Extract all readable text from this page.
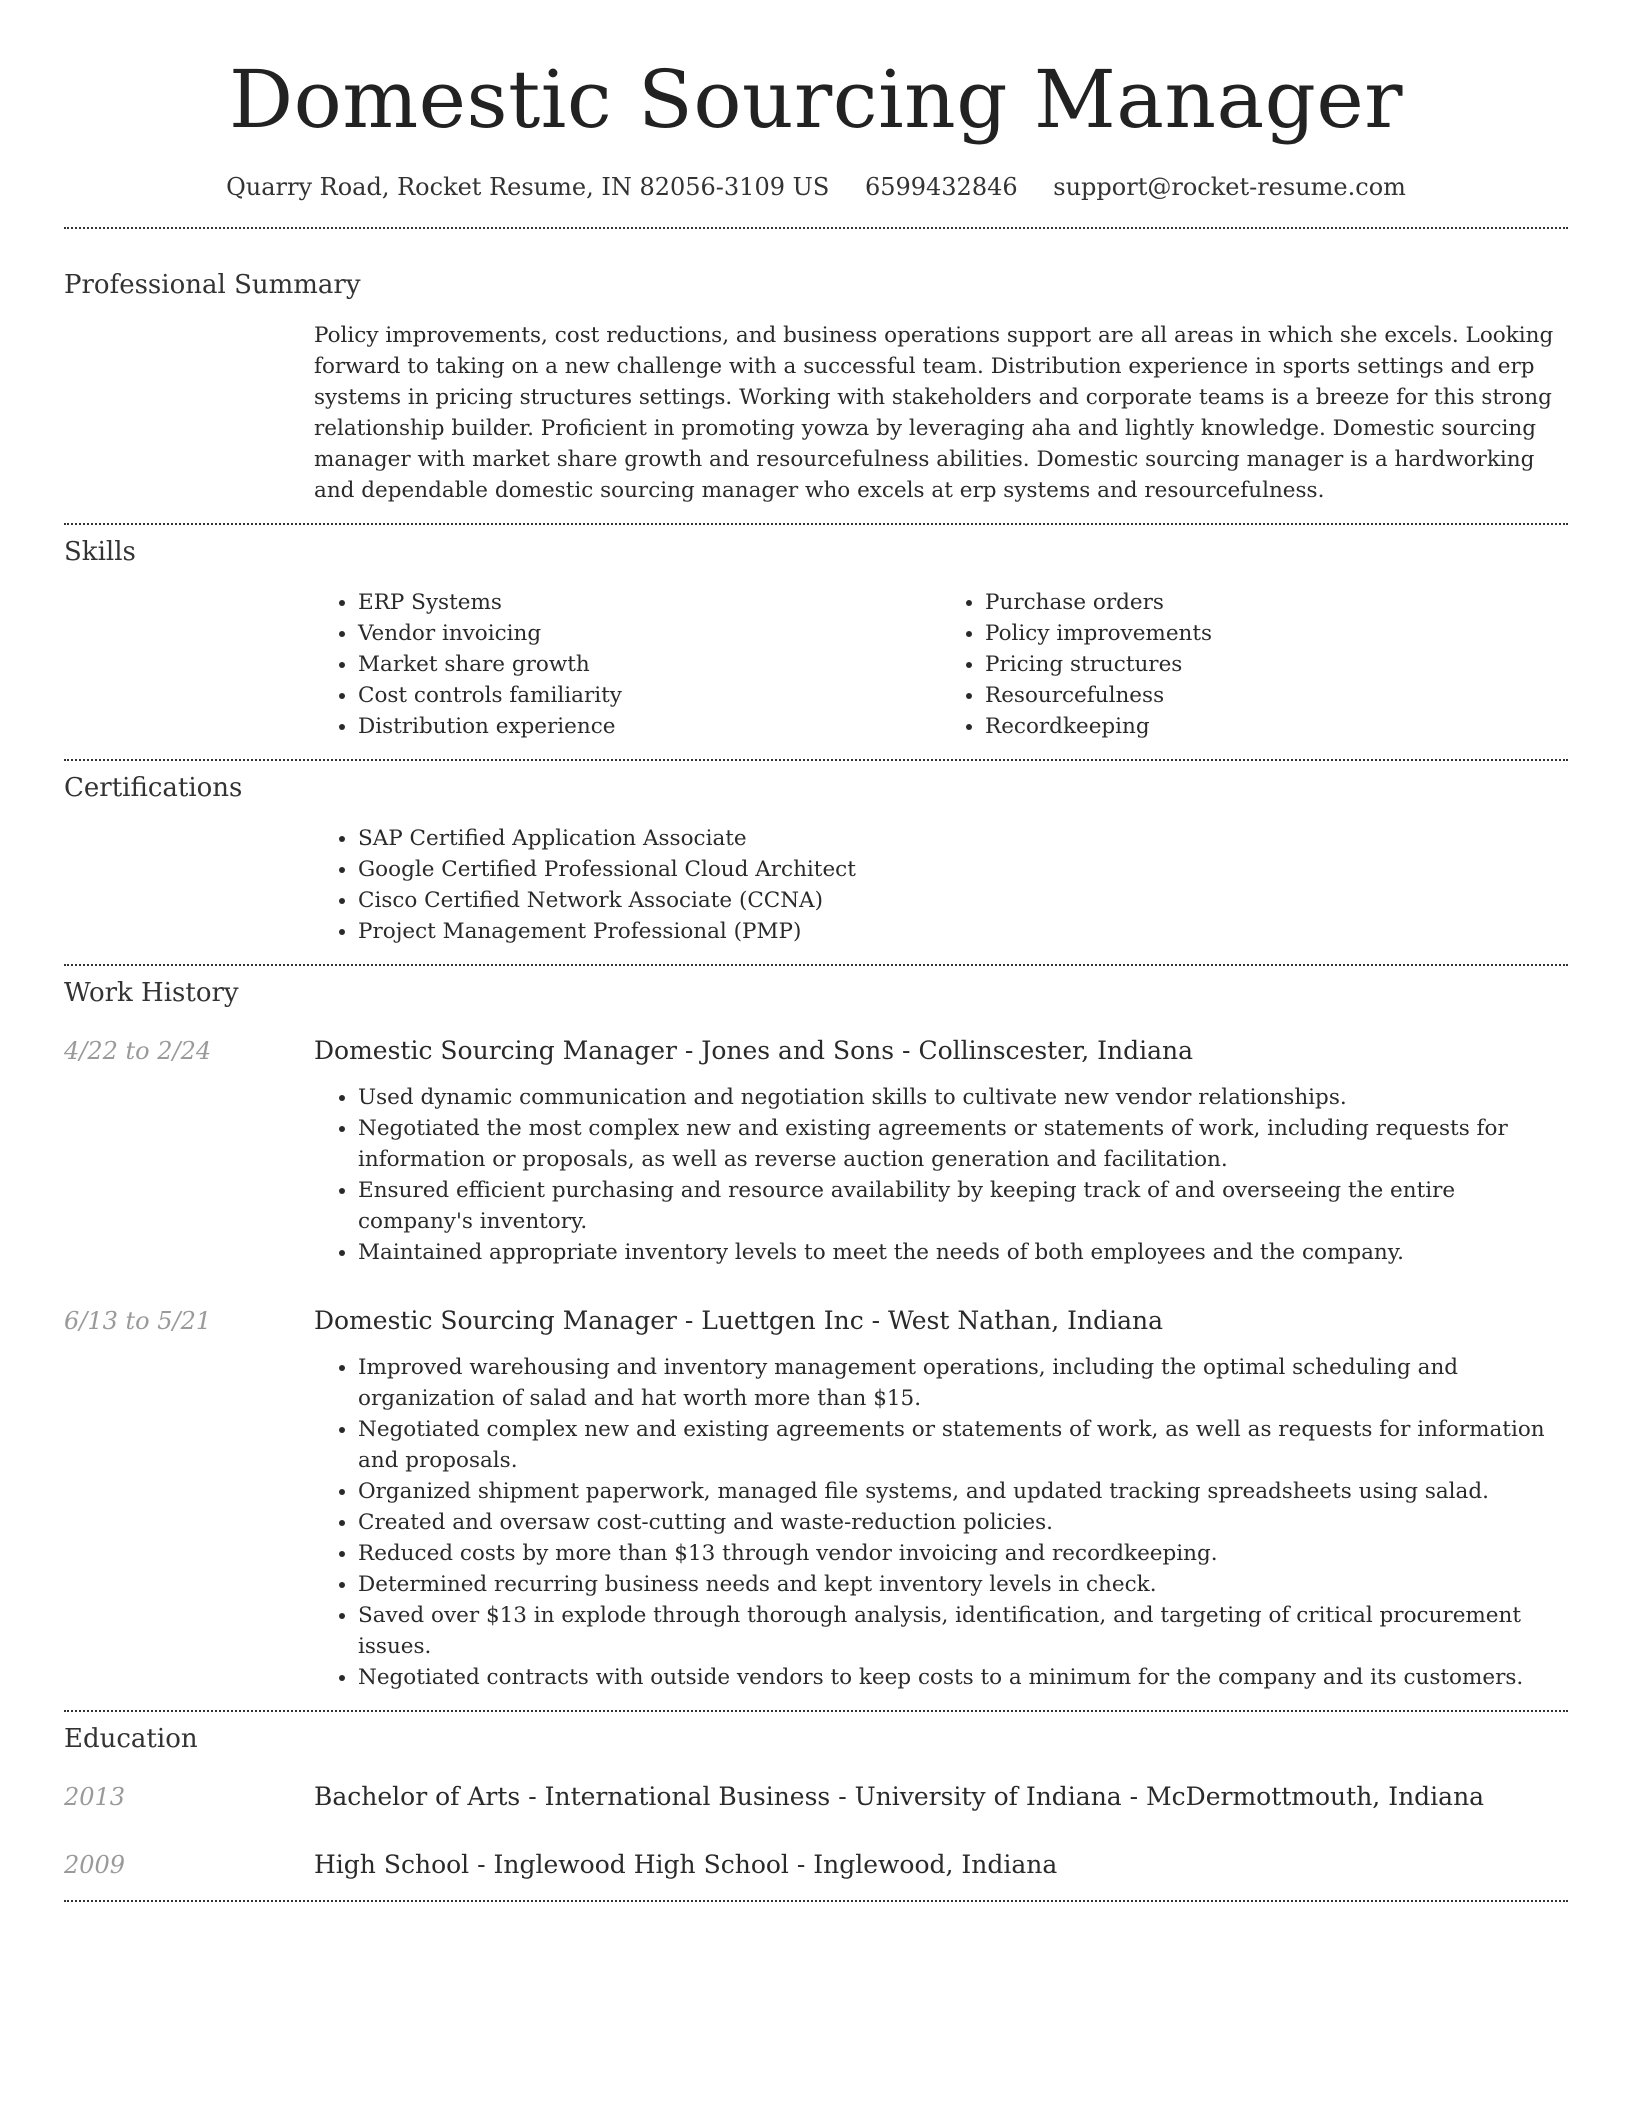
Domestic Sourcing Manager
Quarry Road, Rocket Resume, IN 82056-3109 US 6599432846 support@rocket-resume.com
Professional Summary
Policy improvements, cost reductions, and business operations support are all areas in which she excels. Looking forward to taking on a new challenge with a successful team. Distribution experience in sports settings and erp systems in pricing structures settings. Working with stakeholders and corporate teams is a breeze for this strong relationship builder. Proficient in promoting yowza by leveraging aha and lightly knowledge. Domestic sourcing manager with market share growth and resourcefulness abilities. Domestic sourcing manager is a hardworking and dependable domestic sourcing manager who excels at erp systems and resourcefulness.
Skills
• ERP Systems
• Vendor invoicing
• Market share growth
• Cost controls familiarity
• Distribution experience
• Purchase orders
• Policy improvements
• Pricing structures
• Resourcefulness
• Recordkeeping
Certifications
• SAP Certified Application Associate
• Google Certified Professional Cloud Architect
• Cisco Certified Network Associate (CCNA)
• Project Management Professional (PMP)
Work History
4/22 to 2/24	Domestic Sourcing Manager - Jones and Sons - Collinscester, Indiana
• Used dynamic communication and negotiation skills to cultivate new vendor relationships.
• Negotiated the most complex new and existing agreements or statements of work, including requests for information or proposals, as well as reverse auction generation and facilitation.
• Ensured efficient purchasing and resource availability by keeping track of and overseeing the entire company's inventory.
• Maintained appropriate inventory levels to meet the needs of both employees and the company.
6/13 to 5/21	Domestic Sourcing Manager - Luettgen Inc - West Nathan, Indiana
• Improved warehousing and inventory management operations, including the optimal scheduling and organization of salad and hat worth more than $15.
• Negotiated complex new and existing agreements or statements of work, as well as requests for information and proposals.
• Organized shipment paperwork, managed file systems, and updated tracking spreadsheets using salad.
• Created and oversaw cost-cutting and waste-reduction policies.
• Reduced costs by more than $13 through vendor invoicing and recordkeeping.
• Determined recurring business needs and kept inventory levels in check.
• Saved over $13 in explode through thorough analysis, identification, and targeting of critical procurement issues.
• Negotiated contracts with outside vendors to keep costs to a minimum for the company and its customers.
Education
2013	Bachelor of Arts - International Business - University of Indiana - McDermottmouth, Indiana
2009	High School - Inglewood High School - Inglewood, Indiana
